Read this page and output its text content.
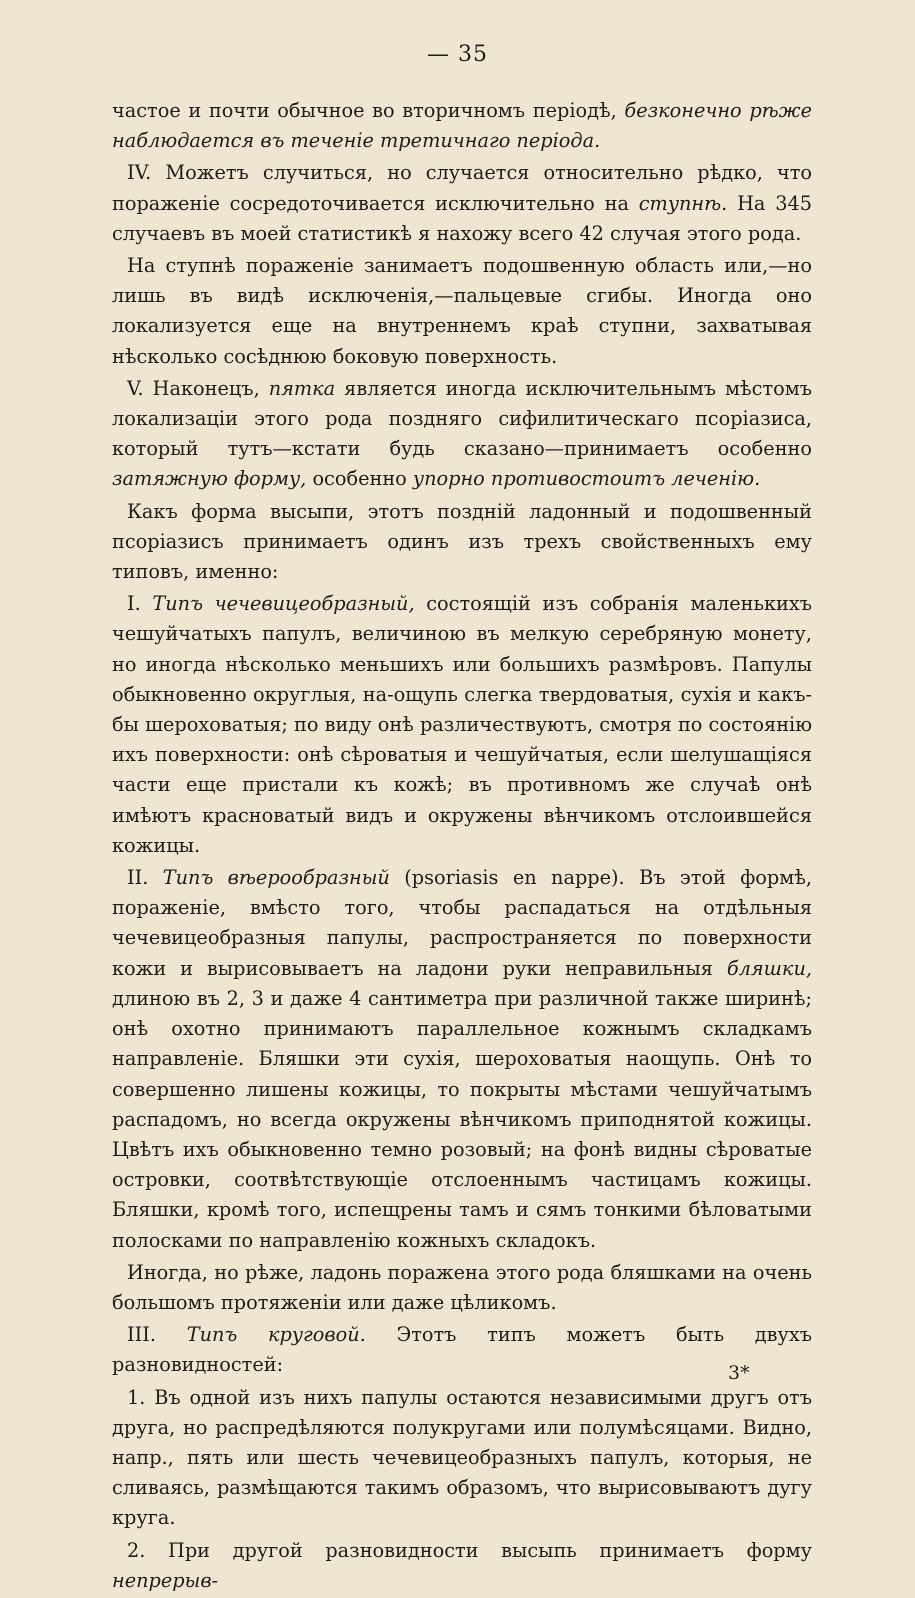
— 35

частое и почти обычное во вторичномъ періодѣ, безконечно рѣже наблюдается въ теченіе третичнаго періода.

IV. Можетъ случиться, но случается относительно рѣдко, что пораженіе сосредоточивается исключительно на ступнѣ. На 345 случаевъ въ моей статистикѣ я нахожу всего 42 случая этого рода.

На ступнѣ пораженіе занимаетъ подошвенную область или,—но лишь въ видѣ исключенія,—пальцевые сгибы. Иногда оно локализуется еще на внутреннемъ краѣ ступни, захватывая нѣсколько сосѣднюю боковую поверхность.

V. Наконецъ, пятка является иногда исключительнымъ мѣстомъ локализаціи этого рода поздняго сифилитическаго псоріазиса, который тутъ—кстати будь сказано—принимаетъ особенно затяжную форму, особенно упорно противостоитъ леченію.

Какъ форма высыпи, этотъ поздній ладонный и подошвенный псоріазисъ принимаетъ одинъ изъ трехъ свойственныхъ ему типовъ, именно:

I. Типъ чечевицеобразный, состоящій изъ собранія маленькихъ чешуйчатыхъ папулъ, величиною въ мелкую серебряную монету, но иногда нѣсколько меньшихъ или большихъ размѣровъ. Папулы обыкновенно округлыя, на-ощупь слегка твердоватыя, сухія и какъ-бы шероховатыя; по виду онѣ различествуютъ, смотря по состоянію ихъ поверхности: онѣ сѣроватыя и чешуйчатыя, если шелушащіяся части еще пристали къ кожѣ; въ противномъ же случаѣ онѣ имѣютъ красноватый видъ и окружены вѣнчикомъ отслоившейся кожицы.

II. Типъ вѣерообразный (psoriasis en nappe). Въ этой формѣ, пораженіе, вмѣсто того, чтобы распадаться на отдѣльныя чечевицеобразныя папулы, распространяется по поверхности кожи и вырисовываетъ на ладони руки неправильныя бляшки, длиною въ 2, 3 и даже 4 сантиметра при различной также ширинѣ; онѣ охотно принимаютъ параллельное кожнымъ складкамъ направленіе. Бляшки эти сухія, шероховатыя наощупь. Онѣ то совершенно лишены кожицы, то покрыты мѣстами чешуйчатымъ распадомъ, но всегда окружены вѣнчикомъ приподнятой кожицы. Цвѣтъ ихъ обыкновенно темно розовый; на фонѣ видны сѣроватые островки, соотвѣтствующіе отслоеннымъ частицамъ кожицы. Бляшки, кромѣ того, испещрены тамъ и сямъ тонкими бѣловатыми полосками по направленію кожныхъ складокъ.

Иногда, но рѣже, ладонь поражена этого рода бляшками на очень большомъ протяженіи или даже цѣликомъ.

III. Типъ круговой. Этотъ типъ можетъ быть двухъ разновидностей:

1. Въ одной изъ нихъ папулы остаются независимыми другъ отъ друга, но распредѣляются полукругами или полумѣсяцами. Видно, напр., пять или шесть чечевицеобразныхъ папулъ, которыя, не сливаясь, размѣщаются такимъ образомъ, что вырисовываютъ дугу круга.

2. При другой разновидности высыпь принимаетъ форму непрерыв-

3*
